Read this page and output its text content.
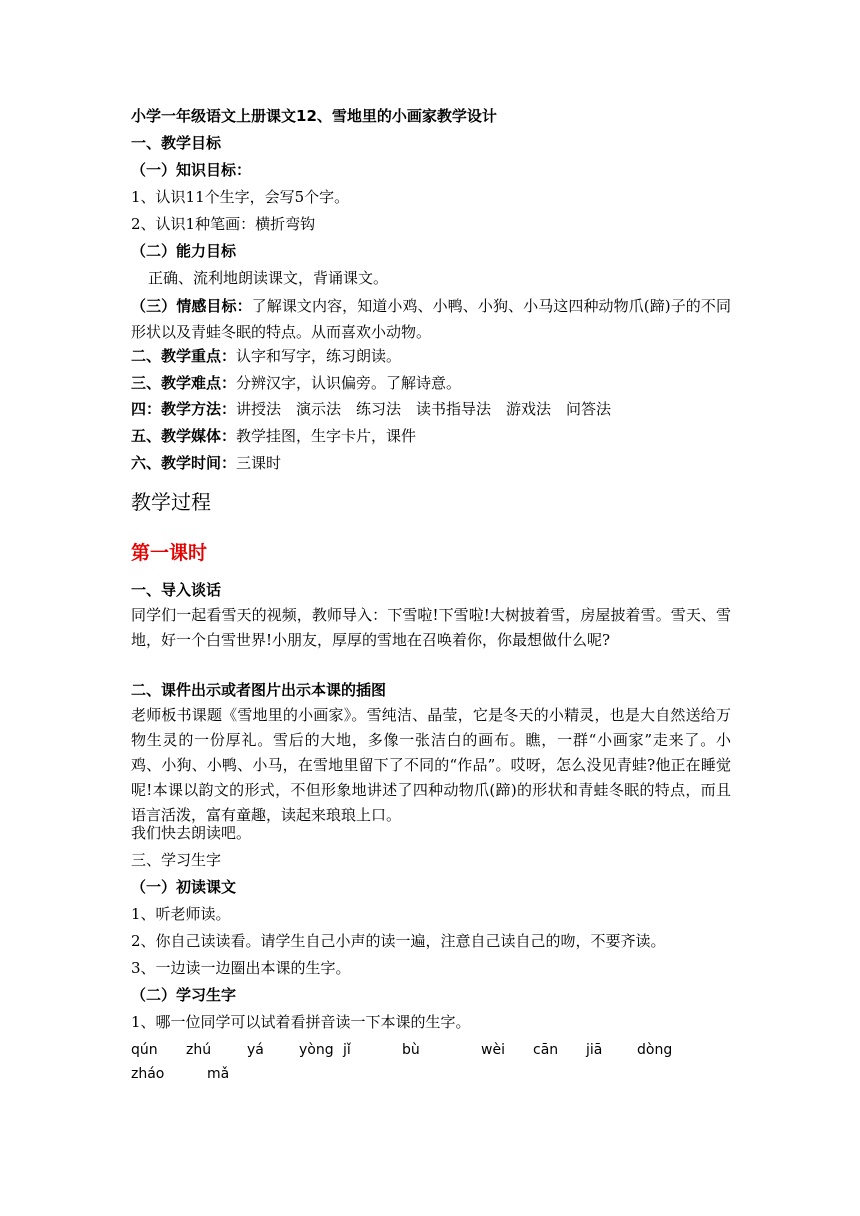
小学一年级语文上册课文12、雪地里的小画家教学设计
一、教学目标
（一）知识目标：
1、认识11个生字，会写5个字。
2、认识1种笔画：横折弯钩
（二）能力目标
正确、流利地朗读课文，背诵课文。
（三）情感目标：了解课文内容，知道小鸡、小鸭、小狗、小马这四种动物爪(蹄)子的不同形状以及青蛙冬眠的特点。从而喜欢小动物。
二、教学重点：认字和写字，练习朗读。
三、教学难点：分辨汉字，认识偏旁。了解诗意。
四：教学方法：讲授法　演示法　练习法　读书指导法　游戏法　问答法
五、教学媒体：教学挂图，生字卡片，课件
六、教学时间：三课时
教学过程
第一课时
一、导入谈话
同学们一起看雪天的视频，教师导入：下雪啦!下雪啦!大树披着雪，房屋披着雪。雪天、雪地，好一个白雪世界!小朋友，厚厚的雪地在召唤着你，你最想做什么呢?
二、课件出示或者图片出示本课的插图
老师板书课题《雪地里的小画家》。雪纯洁、晶莹，它是冬天的小精灵，也是大自然送给万物生灵的一份厚礼。雪后的大地，多像一张洁白的画布。瞧，一群“小画家”走来了。小鸡、小狗、小鸭、小马，在雪地里留下了不同的“作品”。哎呀，怎么没见青蛙?他正在睡觉呢!本课以韵文的形式，不但形象地讲述了四种动物爪(蹄)的形状和青蛙冬眠的特点，而且语言活泼，富有童趣，读起来琅琅上口。
我们快去朗读吧。
三、学习生字
（一）初读课文
1、听老师读。
2、你自己读读看。请学生自己小声的读一遍，注意自己读自己的吻，不要齐读。
3、一边读一边圈出本课的生字。
（二）学习生字
1、哪一位同学可以试着看拼音读一下本课的生字。
qún zhú	yá	yòng jǐ	bù	wèi cān jiā dòng
zháo	mǎ
